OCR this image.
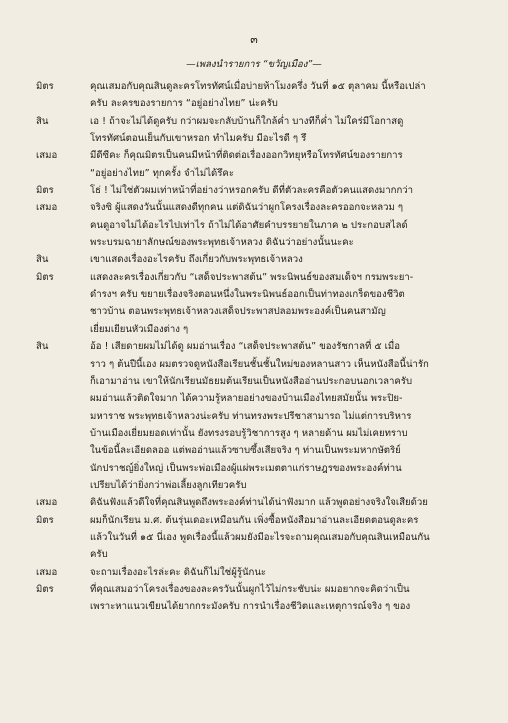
๓
—เพลงนำรายการ “ขวัญเมือง”—
มิตร	คุณเสมอกับคุณสินดูละครโทรทัศน์เมื่อบ่ายห้าโมงครึ่ง วันที่ ๑๕ ตุลาคม นี้หรือเปล่า
ครับ ละครของรายการ “อยู่อย่างไทย” น่ะครับ
สิน	เอ ! ถ้าจะไม่ได้ดูครับ กว่าผมจะกลับบ้านก็ใกล้ค่ำ บางทีก็ค่ำ ไม่ใคร่มีโอกาสดู
โทรทัศน์ตอนเย็นกับเขาหรอก ทำไมครับ มีอะไรดี ๆ รึ
เสมอ	มีดีซีคะ ก็คุณมิตรเป็นคนมีหน้าที่ติดต่อเรื่องออกวิทยุหรือโทรทัศน์ของรายการ
“อยู่อย่างไทย” ทุกครั้ง จำไม่ได้รึคะ
มิตร	โธ่ ! ไม่ใช่ตัวผมเท่าหน้าที่อย่างว่าหรอกครับ ดีที่ตัวละครคือตัวคนแสดงมากกว่า
เสมอ	จริงซิ ผู้แสดงวันนั้นแสดงดีทุกคน แต่ดิฉันว่าผูกโครงเรื่องละครออกจะหลวม ๆ
คนดูอาจไม่ได้อะไรไปเท่าไร ถ้าไม่ได้อาศัยคำบรรยายในภาค ๒ ประกอบสไลด์
พระบรมฉายาลักษณ์ของพระพุทธเจ้าหลวง ดิฉันว่าอย่างนั้นนะคะ
สิน	เขาแสดงเรื่องอะไรครับ ถึงเกี่ยวกับพระพุทธเจ้าหลวง
มิตร	แสดงละครเรื่องเกี่ยวกับ “เสด็จประพาสต้น” พระนิพนธ์ของสมเด็จฯ กรมพระยา-
ดำรงฯ ครับ ขยายเรื่องจริงตอนหนึ่งในพระนิพนธ์ออกเป็นท่าทองเกร็ดของชีวิต
ชาวบ้าน ตอนพระพุทธเจ้าหลวงเสด็จประพาสปลอมพระองค์เป็นคนสามัญ
เยี่ยมเยียนหัวเมืองต่าง ๆ
สิน	อ้อ ! เสียดายผมไม่ได้ดู ผมอ่านเรื่อง “เสด็จประพาสต้น” ของรัชกาลที่ ๕ เมื่อ
ราว ๆ ต้นปีนี้เอง ผมตรวจดูหนังสือเรียนชั้นชั้นใหม่ของหลานสาว เห็นหนังสือนี้น่ารัก
ก็เอามาอ่าน เขาให้นักเรียนมัธยมต้นเรียนเป็นหนังสืออ่านประกอบนอกเวลาครับ
ผมอ่านแล้วติดใจมาก ได้ความรู้หลายอย่างของบ้านเมืองไทยสมัยนั้น พระปิย-
มหาราช พระพุทธเจ้าหลวงน่ะครับ ท่านทรงพระปรีชาสามารถ ไม่แต่การบริหาร
บ้านเมืองเยี่ยมยอดเท่านั้น ยังทรงรอบรู้วิชาการสูง ๆ หลายด้าน ผมไม่เคยทราบ
ในข้อนี้ละเอียดลออ แต่พออ่านแล้วซาบซึ้งเสียจริง ๆ ท่านเป็นพระมหากษัตริย์
นักปราชญ์ยิ่งใหญ่ เป็นพระพ่อเมืองผู้แผ่พระเมตตาแก่ราษฎรของพระองค์ท่าน
เปรียบได้ว่ายิ่งกว่าพ่อเลี้ยงลูกเทียวครับ
เสมอ	ดิฉันฟังแล้วดีใจที่คุณสินพูดถึงพระองค์ท่านได้น่าฟังมาก แล้วพูดอย่างจริงใจเสียด้วย
มิตร	ผมก็นักเรียน ม.ศ. ต้นรุ่นเดอะเหมือนกัน เพิ่งซื้อหนังสือมาอ่านละเอียดตอนดูละคร
แล้วในวันที่ ๑๕ นี่เอง พูดเรื่องนี้แล้วผมยังมีอะไรจะถามคุณเสมอกับคุณสินเหมือนกัน
ครับ
เสมอ	จะถามเรื่องอะไรล่ะคะ ดิฉันก็ไม่ใช่ผู้รู้นักนะ
มิตร	ที่คุณเสมอว่าโครงเรื่องของละครวันนั้นผูกไว้ไม่กระชับน่ะ ผมอยากจะคิดว่าเป็น
เพราะหาแนวเขียนได้ยากกระมังครับ การนำเรื่องชีวิตและเหตุการณ์จริง ๆ ของ
